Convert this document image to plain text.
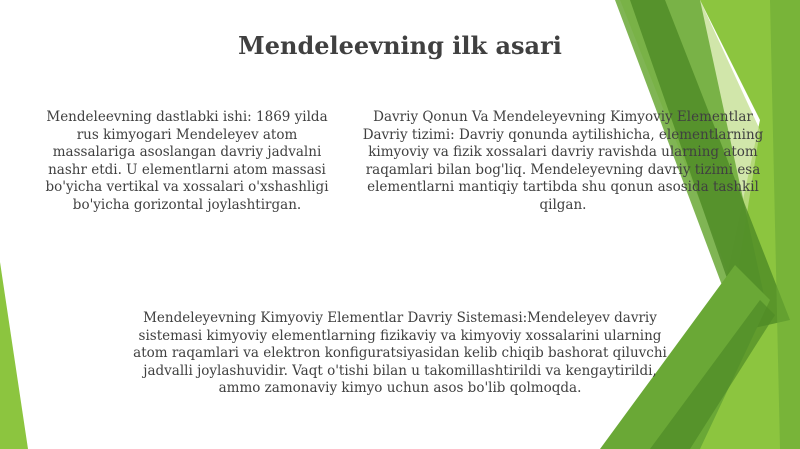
Mendeleevning ilk asari
Mendeleevning dastlabki ishi: 1869 yilda
rus kimyogari Mendeleyev atom
massalariga asoslangan davriy jadvalni
nashr etdi. U elementlarni atom massasi
bo'yicha vertikal va xossalari o'xshashligi
bo'yicha gorizontal joylashtirgan.
Davriy Qonun Va Mendeleyevning Kimyoviy Elementlar
Davriy tizimi: Davriy qonunda aytilishicha, elementlarning
kimyoviy va fizik xossalari davriy ravishda ularning atom
raqamlari bilan bog'liq. Mendeleyevning davriy tizimi esa
elementlarni mantiqiy tartibda shu qonun asosida tashkil
qilgan.
Mendeleyevning Kimyoviy Elementlar Davriy Sistemasi:Mendeleyev davriy
sistemasi kimyoviy elementlarning fizikaviy va kimyoviy xossalarini ularning
atom raqamlari va elektron konfiguratsiyasidan kelib chiqib bashorat qiluvchi
jadvalli joylashuvidir. Vaqt o'tishi bilan u takomillashtirildi va kengaytirildi,
ammo zamonaviy kimyo uchun asos bo'lib qolmoqda.
